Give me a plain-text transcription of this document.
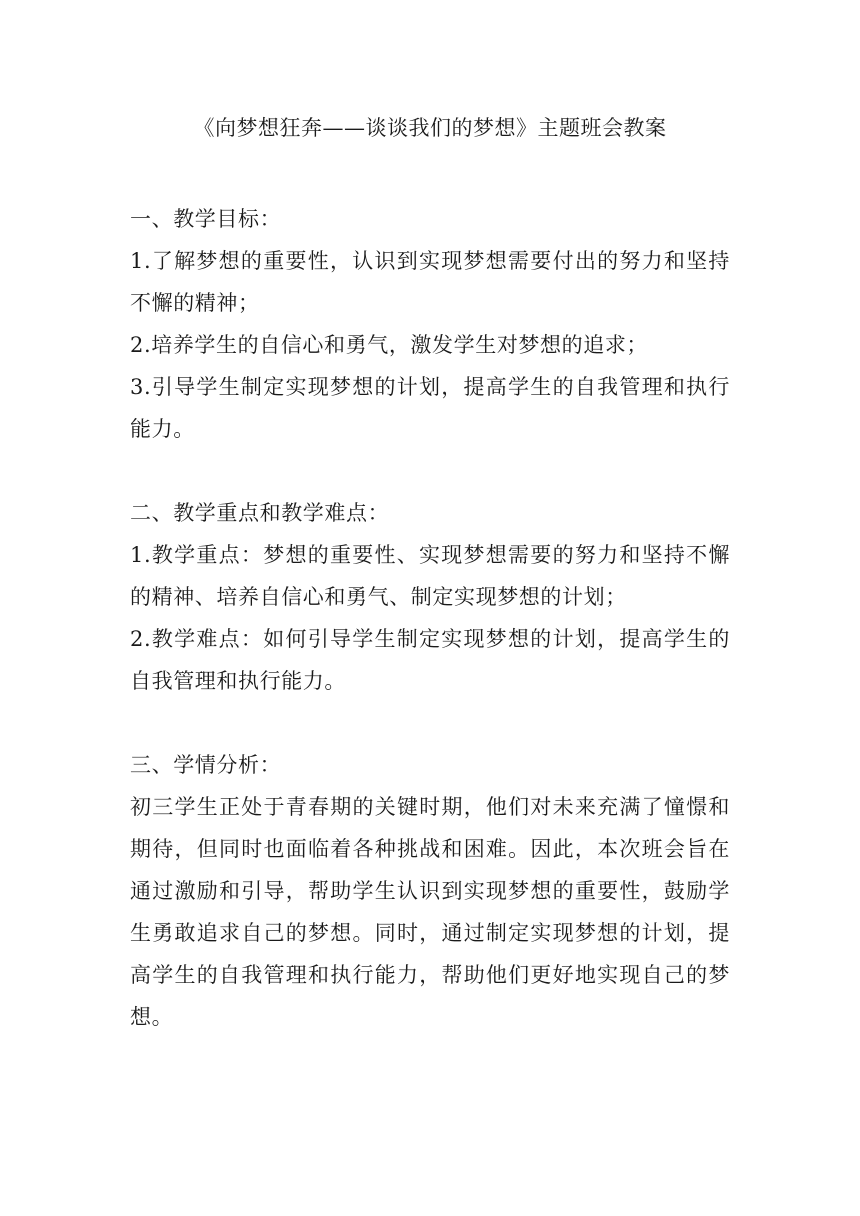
《向梦想狂奔——谈谈我们的梦想》主题班会教案

一、教学目标：

1.了解梦想的重要性，认识到实现梦想需要付出的努力和坚持不懈的精神；

2.培养学生的自信心和勇气，激发学生对梦想的追求；

3.引导学生制定实现梦想的计划，提高学生的自我管理和执行能力。

二、教学重点和教学难点：

1.教学重点：梦想的重要性、实现梦想需要的努力和坚持不懈的精神、培养自信心和勇气、制定实现梦想的计划；

2.教学难点：如何引导学生制定实现梦想的计划，提高学生的自我管理和执行能力。

三、学情分析：

初三学生正处于青春期的关键时期，他们对未来充满了憧憬和期待，但同时也面临着各种挑战和困难。因此，本次班会旨在通过激励和引导，帮助学生认识到实现梦想的重要性，鼓励学生勇敢追求自己的梦想。同时，通过制定实现梦想的计划，提高学生的自我管理和执行能力，帮助他们更好地实现自己的梦想。
